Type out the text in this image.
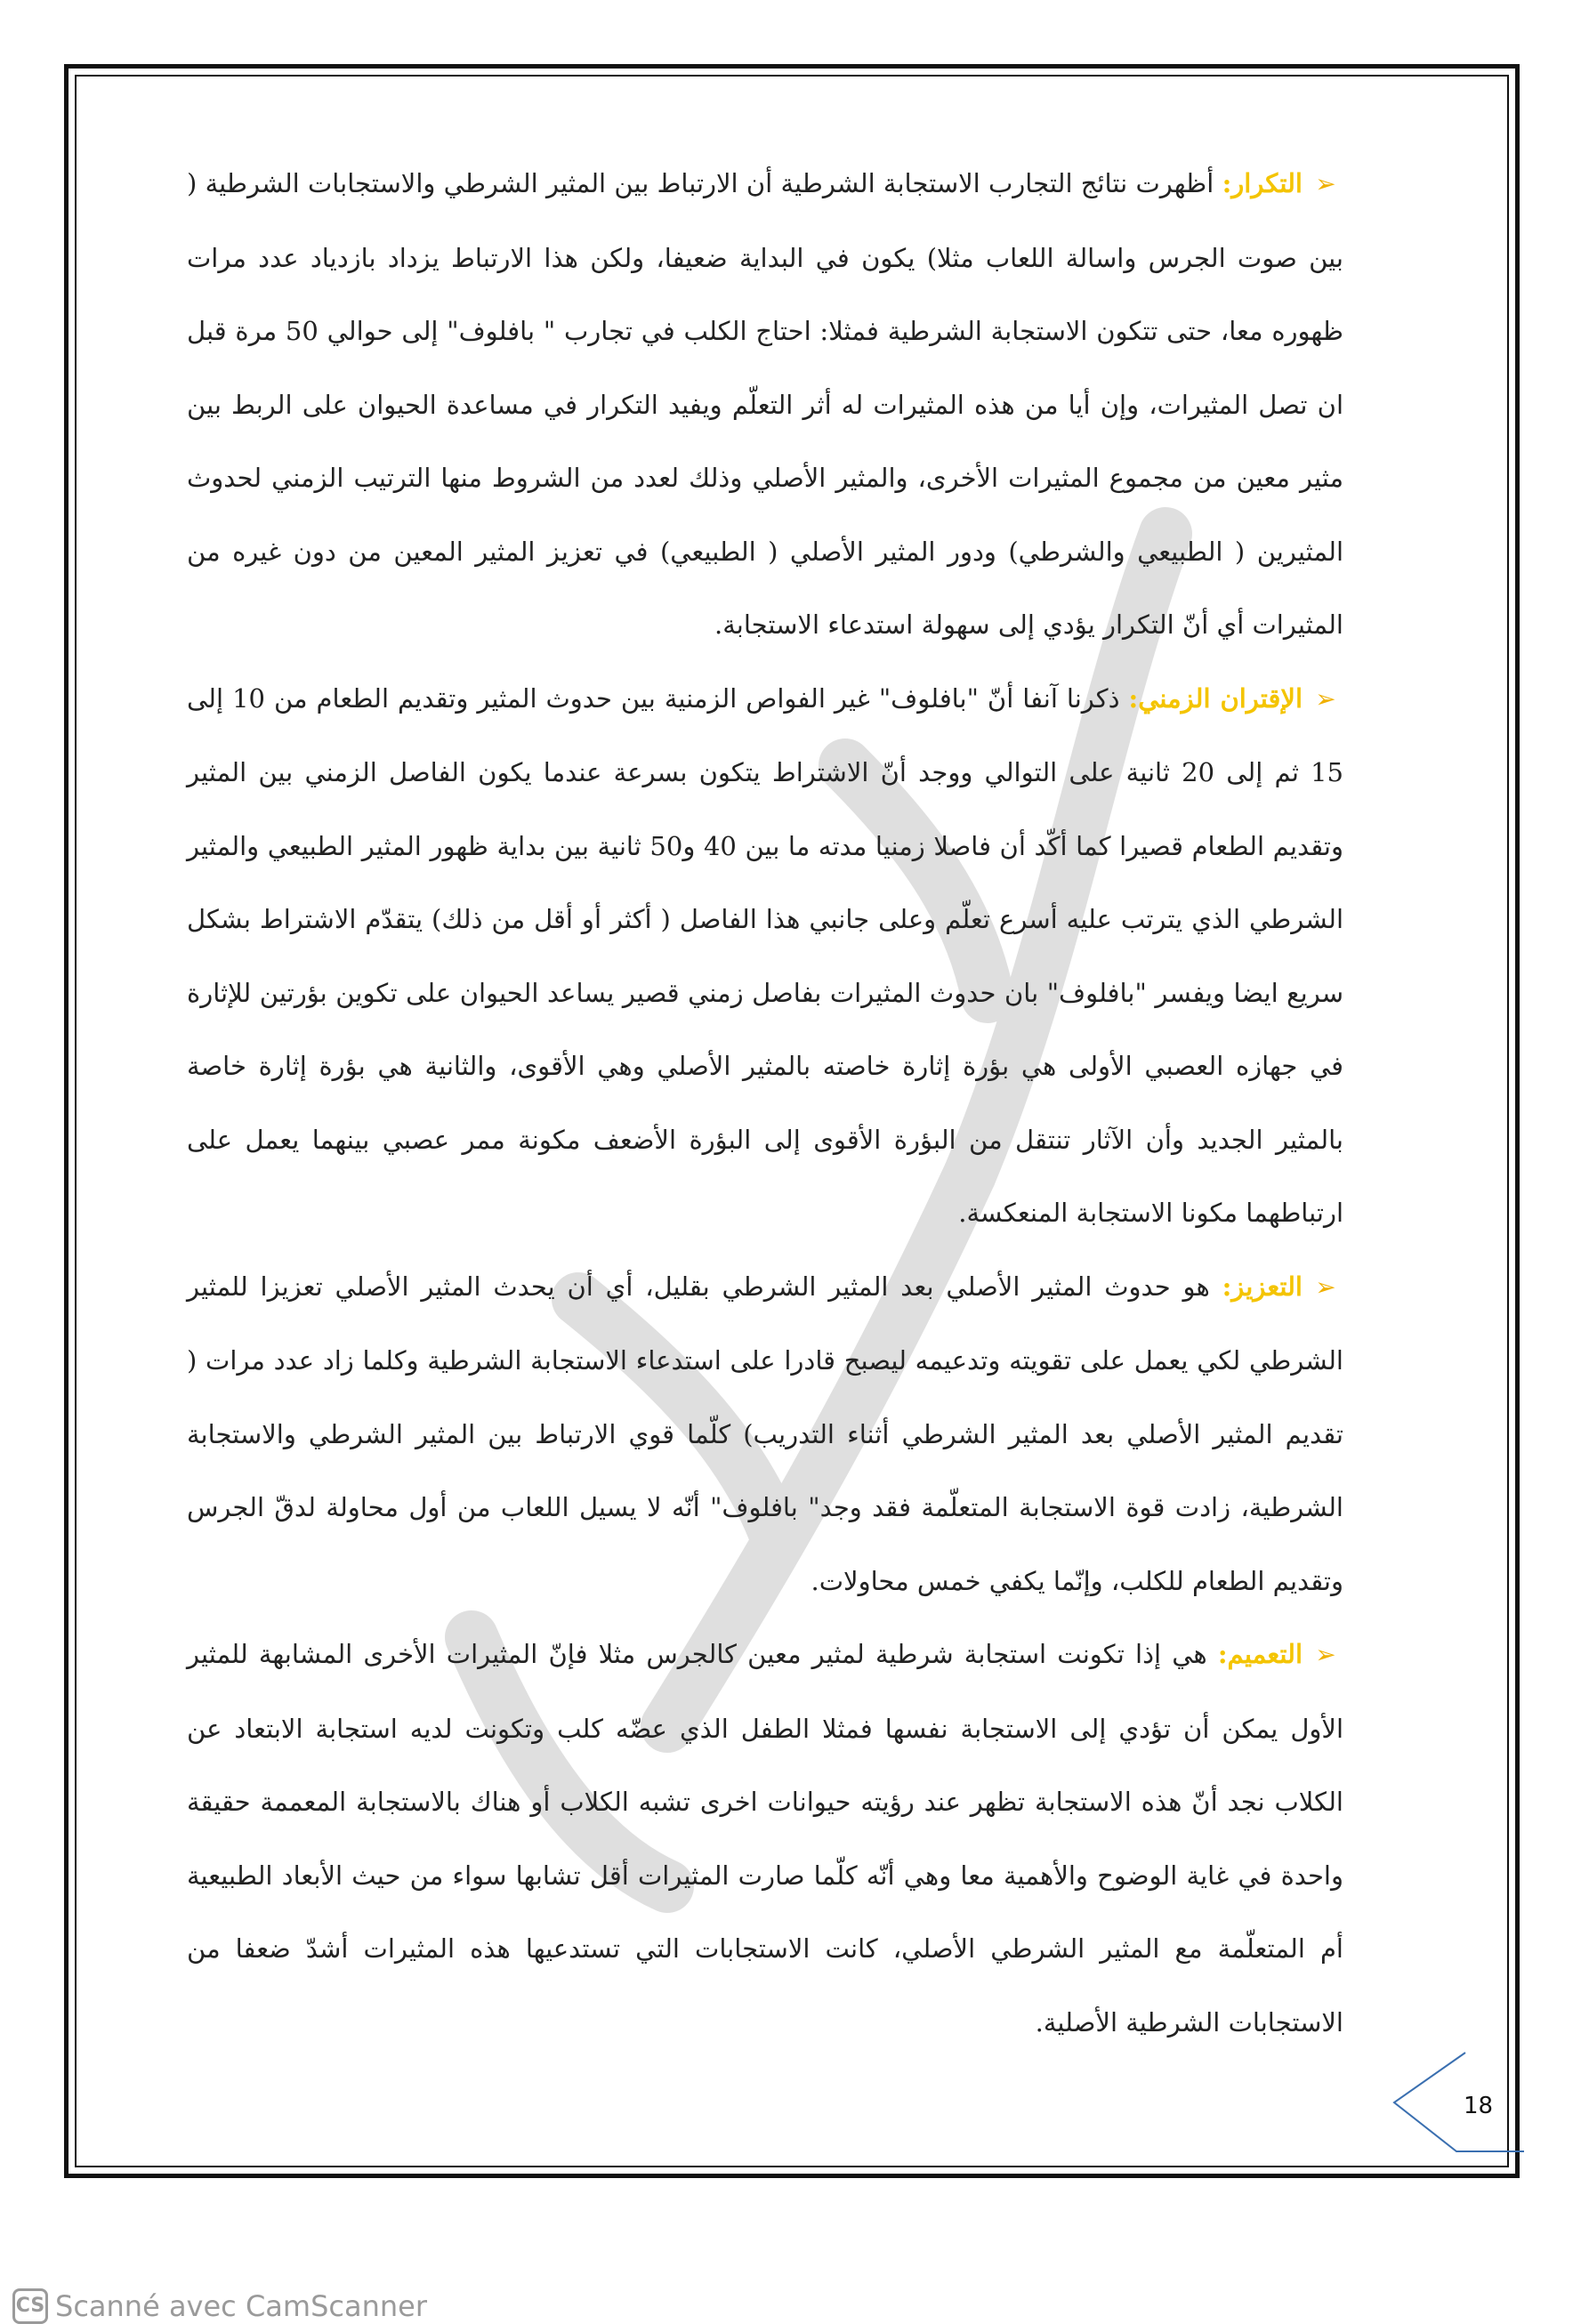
➢التكرار: أظهرت نتائج التجارب الاستجابة الشرطية أن الارتباط بين المثير الشرطي والاستجابات الشرطية ( بين صوت الجرس واسالة اللعاب مثلا) يكون في البداية ضعيفا، ولكن هذا الارتباط يزداد بازدياد عدد مرات ظهوره معا، حتى تتكون الاستجابة الشرطية فمثلا: احتاج الكلب في تجارب " بافلوف" إلى حوالي 50 مرة قبل ان تصل المثيرات، وإن أيا من هذه المثيرات له أثر التعلّم ويفيد التكرار في مساعدة الحيوان على الربط بين مثير معين من مجموع المثيرات الأخرى، والمثير الأصلي وذلك لعدد من الشروط منها الترتيب الزمني لحدوث المثيرين ( الطبيعي والشرطي) ودور المثير الأصلي ( الطبيعي) في تعزيز المثير المعين من دون غيره من المثيرات أي أنّ التكرار يؤدي إلى سهولة استدعاء الاستجابة.

➢الإقتران الزمني: ذكرنا آنفا أنّ "بافلوف" غير الفواص الزمنية بين حدوث المثير وتقديم الطعام من 10 إلى 15 ثم إلى 20 ثانية على التوالي ووجد أنّ الاشتراط يتكون بسرعة عندما يكون الفاصل الزمني بين المثير وتقديم الطعام قصيرا كما أكّد أن فاصلا زمنيا مدته ما بين 40 و50 ثانية بين بداية ظهور المثير الطبيعي والمثير الشرطي الذي يترتب عليه أسرع تعلّم وعلى جانبي هذا الفاصل ( أكثر أو أقل من ذلك) يتقدّم الاشتراط بشكل سريع ايضا ويفسر "بافلوف" بان حدوث المثيرات بفاصل زمني قصير يساعد الحيوان على تكوين بؤرتين للإثارة في جهازه العصبي الأولى هي بؤرة إثارة خاصته بالمثير الأصلي وهي الأقوى، والثانية هي بؤرة إثارة خاصة بالمثير الجديد وأن الآثار تنتقل من البؤرة الأقوى إلى البؤرة الأضعف مكونة ممر عصبي بينهما يعمل على ارتباطهما مكونا الاستجابة المنعكسة.

➢التعزيز: هو حدوث المثير الأصلي بعد المثير الشرطي بقليل، أي أن يحدث المثير الأصلي تعزيزا للمثير الشرطي لكي يعمل على تقويته وتدعيمه ليصبح قادرا على استدعاء الاستجابة الشرطية وكلما زاد عدد مرات ( تقديم المثير الأصلي بعد المثير الشرطي أثناء التدريب) كلّما قوي الارتباط بين المثير الشرطي والاستجابة الشرطية، زادت قوة الاستجابة المتعلّمة فقد وجد" بافلوف" أنّه لا يسيل اللعاب من أول محاولة لدقّ الجرس وتقديم الطعام للكلب، وإنّما يكفي خمس محاولات.

➢التعميم: هي إذا تكونت استجابة شرطية لمثير معين كالجرس مثلا فإنّ المثيرات الأخرى المشابهة للمثير الأول يمكن أن تؤدي إلى الاستجابة نفسها فمثلا الطفل الذي عضّه كلب وتكونت لديه استجابة الابتعاد عن الكلاب نجد أنّ هذه الاستجابة تظهر عند رؤيته حيوانات اخرى تشبه الكلاب أو هناك بالاستجابة المعممة حقيقة واحدة في غاية الوضوح والأهمية معا وهي أنّه كلّما صارت المثيرات أقل تشابها سواء من حيث الأبعاد الطبيعية أم المتعلّمة مع المثير الشرطي الأصلي، كانت الاستجابات التي تستدعيها هذه المثيرات أشدّ ضعفا من الاستجابات الشرطية الأصلية.

18
CS Scanné avec CamScanner
